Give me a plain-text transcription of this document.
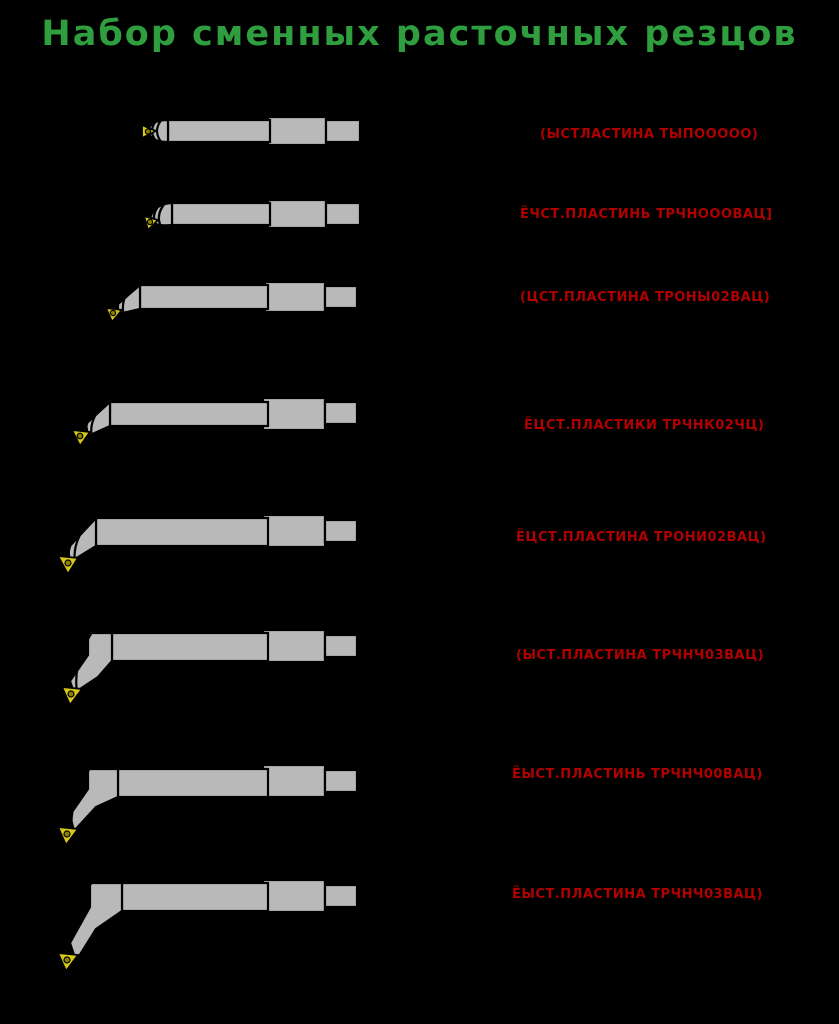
Набор сменных расточных резцов
(ЫСТЛАСТИНА ТЫПООООО)
ЁЧСТ.ПЛАСТИНЬ ТРЧНОООВАЦ]
(ЦСТ.ПЛАСТИНА ТРОНЫ02ВАЦ)
ЁЦСТ.ПЛАСТИКИ ТРЧНК02ЧЦ)
ЁЦСТ.ПЛАСТИНА ТРОНИ02ВАЦ)
(ЫСТ.ПЛАСТИНА ТРЧНЧ03ВАЦ)
ЁЫСТ.ПЛАСТИНЬ ТРЧНЧ00ВАЦ)
ЁЫСТ.ПЛАСТИНА ТРЧНЧ03ВАЦ)
